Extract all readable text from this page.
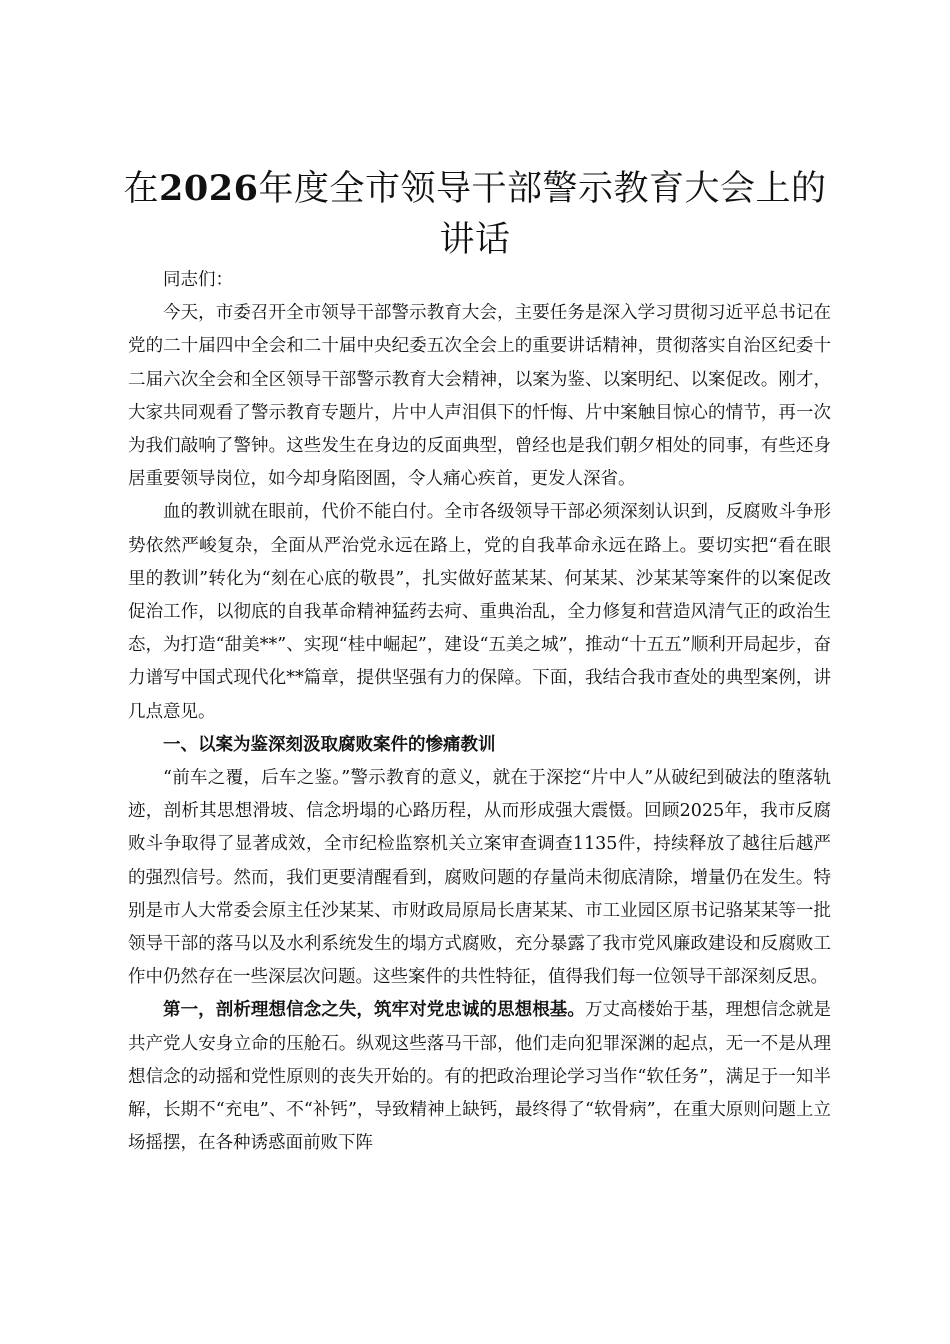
在2026年度全市领导干部警示教育大会上的讲话

同志们：

今天，市委召开全市领导干部警示教育大会，主要任务是深入学习贯彻习近平总书记在党的二十届四中全会和二十届中央纪委五次全会上的重要讲话精神，贯彻落实自治区纪委十二届六次全会和全区领导干部警示教育大会精神，以案为鉴、以案明纪、以案促改。刚才，大家共同观看了警示教育专题片，片中人声泪俱下的忏悔、片中案触目惊心的情节，再一次为我们敲响了警钟。这些发生在身边的反面典型，曾经也是我们朝夕相处的同事，有些还身居重要领导岗位，如今却身陷囹圄，令人痛心疾首，更发人深省。

血的教训就在眼前，代价不能白付。全市各级领导干部必须深刻认识到，反腐败斗争形势依然严峻复杂，全面从严治党永远在路上，党的自我革命永远在路上。要切实把“看在眼里的教训”转化为“刻在心底的敬畏”，扎实做好蓝某某、何某某、沙某某等案件的以案促改促治工作，以彻底的自我革命精神猛药去疴、重典治乱，全力修复和营造风清气正的政治生态，为打造“甜美**”、实现“桂中崛起”，建设“五美之城”，推动“十五五”顺利开局起步，奋力谱写中国式现代化**篇章，提供坚强有力的保障。下面，我结合我市查处的典型案例，讲几点意见。

一、以案为鉴深刻汲取腐败案件的惨痛教训

“前车之覆，后车之鉴。”警示教育的意义，就在于深挖“片中人”从破纪到破法的堕落轨迹，剖析其思想滑坡、信念坍塌的心路历程，从而形成强大震慑。回顾2025年，我市反腐败斗争取得了显著成效，全市纪检监察机关立案审查调查1135件，持续释放了越往后越严的强烈信号。然而，我们更要清醒看到，腐败问题的存量尚未彻底清除，增量仍在发生。特别是市人大常委会原主任沙某某、市财政局原局长唐某某、市工业园区原书记骆某某等一批领导干部的落马以及水利系统发生的塌方式腐败，充分暴露了我市党风廉政建设和反腐败工作中仍然存在一些深层次问题。这些案件的共性特征，值得我们每一位领导干部深刻反思。

第一，剖析理想信念之失，筑牢对党忠诚的思想根基。万丈高楼始于基，理想信念就是共产党人安身立命的压舱石。纵观这些落马干部，他们走向犯罪深渊的起点，无一不是从理想信念的动摇和党性原则的丧失开始的。有的把政治理论学习当作“软任务”，满足于一知半解，长期不“充电”、不“补钙”，导致精神上缺钙，最终得了“软骨病”，在重大原则问题上立场摇摆，在各种诱惑面前败下阵
